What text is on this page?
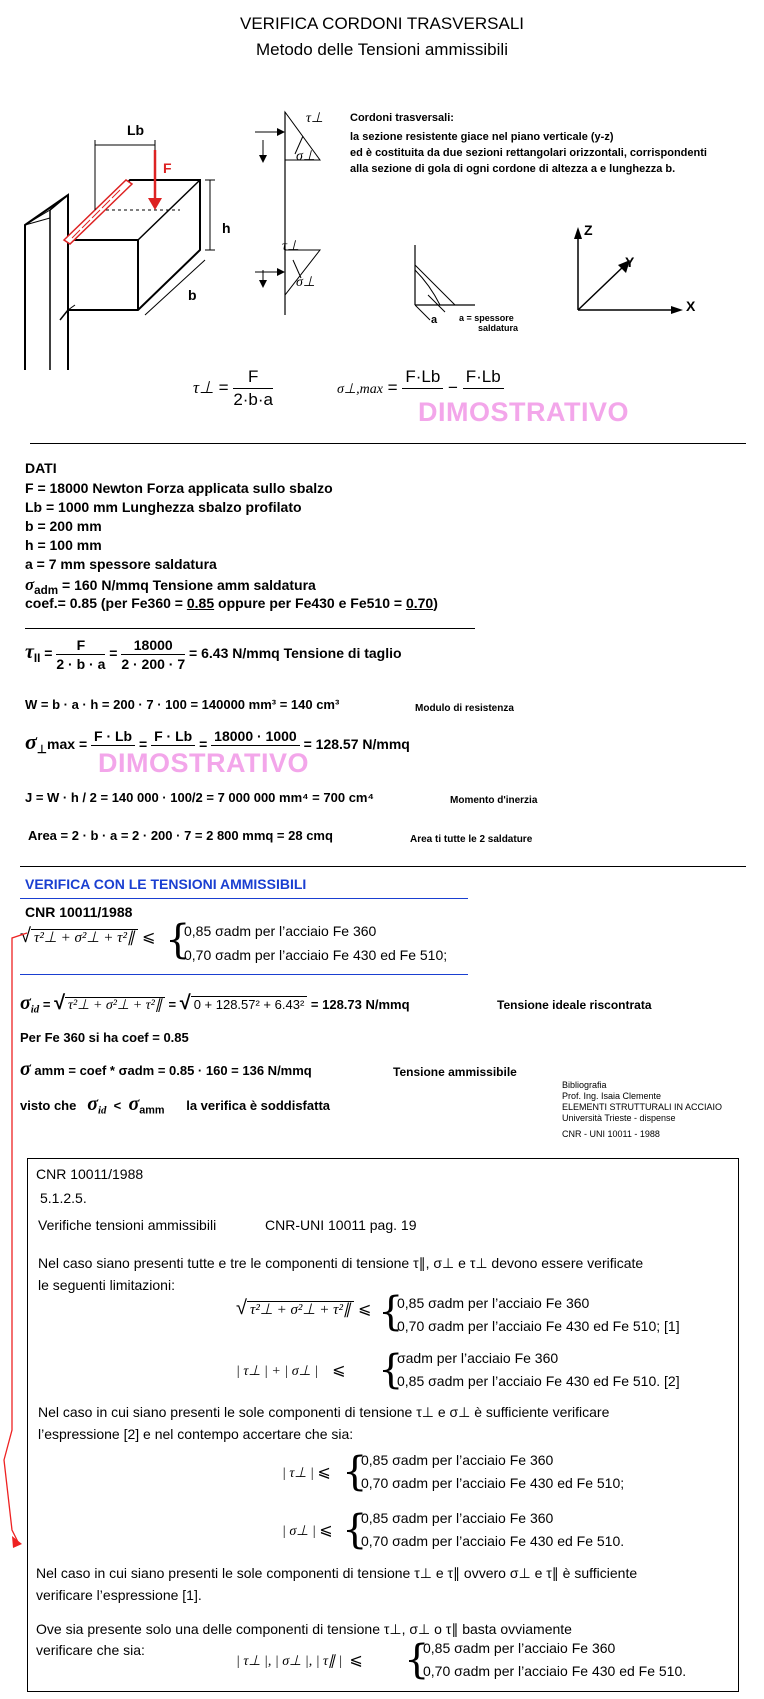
VERIFICA CORDONI TRASVERSALI
Metodo delle Tensioni ammissibili
Lb
F
h
b
τ⊥
σ⊥
τ⊥
σ⊥
Cordoni trasversali:
la sezione resistente giace nel piano verticale (y-z)
ed è costituita da due sezioni rettangolari orizzontali, corrispondenti
alla sezione di gola di ogni cordone di altezza a e lunghezza b.
a a = spessore
saldatura
Z
Y
X
τ⊥ = $\frac{F}{2\cdot b\cdot a}$	σ⊥,max =
F·Lb

−
F·Lb

DIMOSTRATIVO
DATI
F = 18000 Newton Forza applicata sullo sbalzo
Lb = 1000 mm Lunghezza sbalzo profilato
b = 200 mm
h = 100 mm
a = 7 mm spessore saldatura
$\sigma_{adm} = 160$ N/mmq Tensione amm saldatura
coef.= 0.85 (per Fe360 = 0.85 oppure per Fe430 e Fe510 = 0.70)
$\tau_{II} = \frac{F}{2 \cdot b \cdot a} = \frac{18000}{2 \cdot 200 \cdot 7} = 6.43$ N/mmq Tensione di taglio
W = b · a · h = 200 · 7 · 100 = 140000 mm³ = 140 cm³	Modulo di resistenza
$\sigma_\perp\max$ =
F · Lb

=
F · Lb

=
18000 · 1000

= 128.57 N/mmq
DIMOSTRATIVO
J = W · h / 2 = 140 000 · 100/2 = 7 000 000 mm⁴ = 700 cm⁴	Momento d'inerzia
Area = 2 · b · a = 2 · 200 · 7 = 2 800 mmq = 28 cmq	Area ti tutte le 2 saldature
VERIFICA CON LE TENSIONI AMMISSIBILI
CNR 10011/1988
√ τ²⊥ + σ²⊥ + τ²∥ ⩽ {
0,85 σadm per l’acciaio Fe 360
0,70 σadm per l’acciaio Fe 430 ed Fe 510;
$\sigma_{id}$ = √ τ²⊥ + σ²⊥ + τ²∥ = √ 0 + 128.57² + 6.43² = 128.73 N/mmq	Tensione ideale riscontrata
Per Fe 360 si ha coef = 0.85
σ amm = coef * σadm = 0.85 · 160 = 136 N/mmq	Tensione ammissibile
visto che $\sigma_{id} < \sigma_{amm}$ la verifica è soddisfatta
Bibliografia
Prof. Ing. Isaia Clemente
ELEMENTI STRUTTURALI IN ACCIAIO
Università Trieste - dispense
CNR - UNI 10011 - 1988
CNR 10011/1988
5.1.2.5.
Verifiche tensioni ammissibili	CNR-UNI 10011 pag. 19
Nel caso siano presenti tutte e tre le componenti di tensione τ∥, σ⊥ e τ⊥ devono essere verificate
le seguenti limitazioni:
√ τ²⊥ + σ²⊥ + τ²∥ ⩽ {
0,85 σadm per l’acciaio Fe 360
0,70 σadm per l’acciaio Fe 430 ed Fe 510; [1]
| τ⊥ | + | σ⊥ | ⩽ {
σadm per l’acciaio Fe 360
0,85 σadm per l’acciaio Fe 430 ed Fe 510. [2]
Nel caso in cui siano presenti le sole componenti di tensione τ⊥ e σ⊥ è sufficiente verificare
l’espressione [2] e nel contempo accertare che sia:
| τ⊥ | ⩽ {
0,85 σadm per l’acciaio Fe 360
0,70 σadm per l’acciaio Fe 430 ed Fe 510;
| σ⊥ | ⩽ {
0,85 σadm per l’acciaio Fe 360
0,70 σadm per l’acciaio Fe 430 ed Fe 510.
Nel caso in cui siano presenti le sole componenti di tensione τ⊥ e τ∥ ovvero σ⊥ e τ∥ è sufficiente
verificare l’espressione [1].
Ove sia presente solo una delle componenti di tensione τ⊥, σ⊥ o τ∥ basta ovviamente
verificare che sia:
| τ⊥ |, | σ⊥ |, | τ∥ | ⩽ {
0,85 σadm per l’acciaio Fe 360
0,70 σadm per l’acciaio Fe 430 ed Fe 510.
